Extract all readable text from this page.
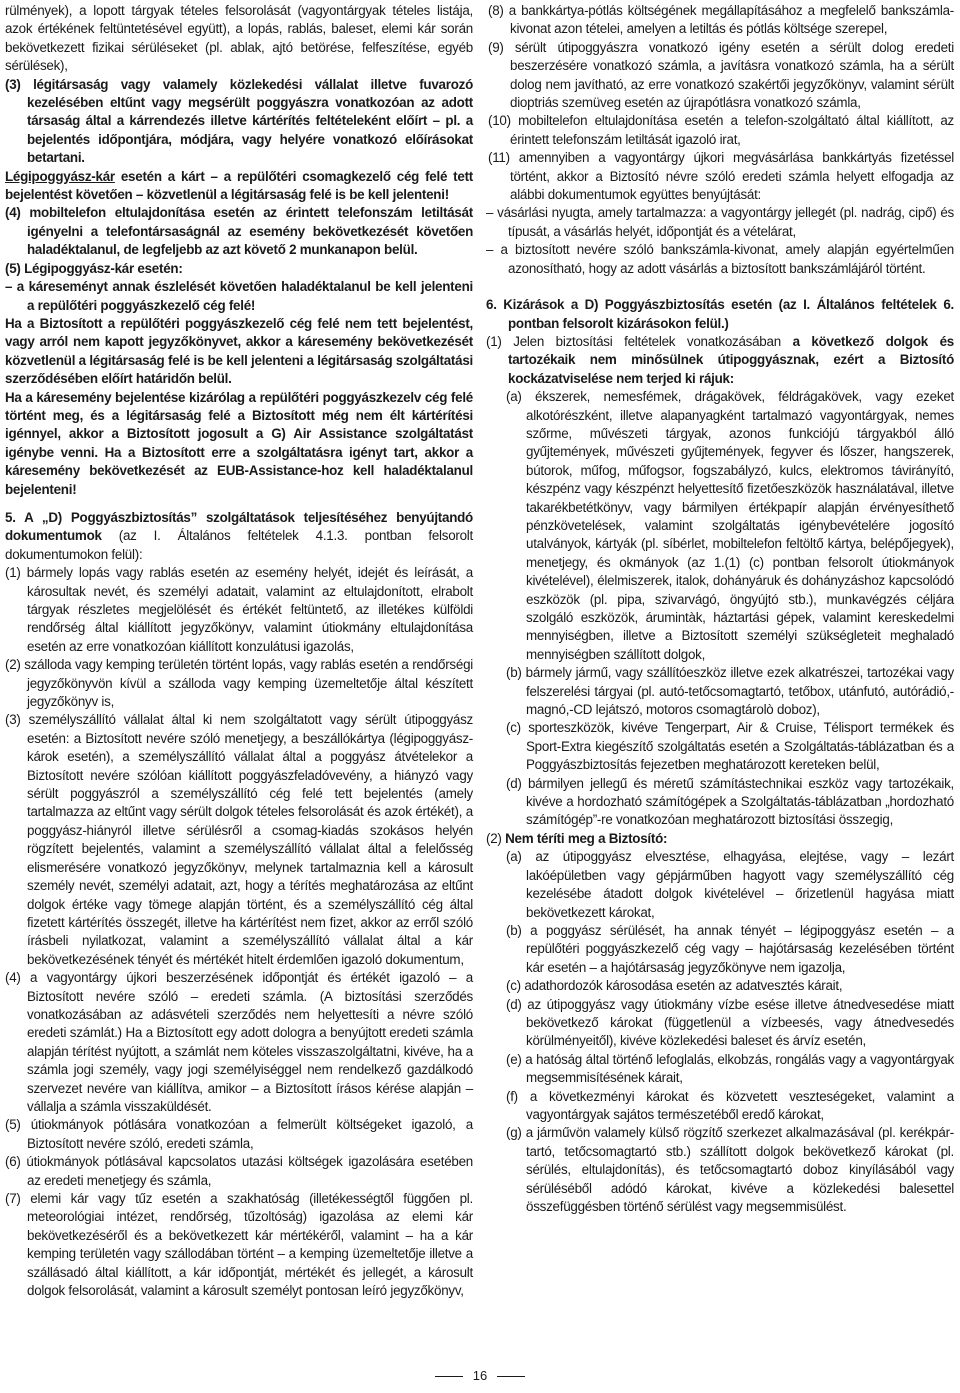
rülmények), a lopott tárgyak tételes felsorolását (vagyontárgyak tételes listája, azok értékének feltüntetésével együtt), a lopás, rablás, baleset, elemi kár során bekövetkezett fizikai sérüléseket (pl. ablak, ajtó betörése, felfeszítése, egyéb sérülések),

(3) légitársaság vagy valamely közlekedési vállalat illetve fuvarozó kezelésében eltűnt vagy megsérült poggyászra vonatkozóan az adott társaság által a kárrendezés illetve kártérítés feltételeként előírt – pl. a bejelentés időpontjára, módjára, vagy helyére vonatkozó előírásokat betartani.

Légipoggyász-kár esetén a kárt – a repülőtéri csomagkezelő cég felé tett bejelentést követően – közvetlenül a légitársaság felé is be kell jelenteni!

(4) mobiltelefon eltulajdonítása esetén az érintett telefonszám letiltását igényelni a telefontársaságnál az esemény bekövetkezését követően haladéktalanul, de legfeljebb az azt követő 2 munkanapon belül.

(5) Légipoggyász-kár esetén:

– a káreseményt annak észlelését követően haladéktalanul be kell jelenteni a repülőtéri poggyászkezelő cég felé!

Ha a Biztosított a repülőtéri poggyászkezelő cég felé nem tett bejelentést, vagy arról nem kapott jegyzőkönyvet, akkor a káresemény bekövetkezését közvetlenül a légitársaság felé is be kell jelenteni a légitársaság szolgáltatási szerződésében előírt határidőn belül.

Ha a káresemény bejelentése kizárólag a repülőtéri poggyászkezelv cég felé történt meg, és a légitársaság felé a Biztosított még nem élt kártérítési igénnyel, akkor a Biztosított jogosult a G) Air Assistance szolgáltatást igénybe venni. Ha a Biztosított erre a szolgáltatásra igényt tart, akkor a káresemény bekövetkezését az EUB-Assistance-hoz kell haladéktalanul bejelenteni!

5. A „D) Poggyászbiztosítás” szolgáltatások teljesítéséhez benyújtandó dokumentumok (az I. Általános feltételek 4.1.3. pontban felsorolt dokumentumokon felül):

(1) bármely lopás vagy rablás esetén az esemény helyét, idejét és leírását, a károsultak nevét, és személyi adatait, valamint az eltulajdonított, elrabolt tárgyak részletes megjelölését és értékét feltüntető, az illetékes külföldi rendőrség által kiállított jegyzőkönyv, valamint útiokmány eltulajdonítása esetén az erre vonatkozóan kiállított konzulátusi igazolás,

(2) szálloda vagy kemping területén történt lopás, vagy rablás esetén a rendőrségi jegyzőkönyvön kívül a szálloda vagy kemping üzemeltetője által készített jegyzőkönyv is,

(3) személyszállító vállalat által ki nem szolgáltatott vagy sérült útipoggyász esetén: a Biztosított nevére szóló menetjegy, a beszállókártya (légipoggyász-károk esetén), a személyszállító vállalat által a poggyász átvételekor a Biztosított nevére szólóan kiállított poggyászfeladóvevény, a hiányzó vagy sérült poggyászról a személyszállító cég felé tett bejelentés (amely tartalmazza az eltűnt vagy sérült dolgok tételes felsorolását és azok értékét), a poggyász-hiányról illetve sérülésről a csomag-kiadás szokásos helyén rögzített bejelentés, valamint a személyszállító vállalat által a felelősség elismerésére vonatkozó jegyzőkönyv, melynek tartalmaznia kell a károsult személy nevét, személyi adatait, azt, hogy a térítés meghatározása az eltűnt dolgok értéke vagy tömege alapján történt, és a személyszállító cég által fizetett kártérítés összegét, illetve ha kártérítést nem fizet, akkor az erről szóló írásbeli nyilatkozat, valamint a személyszállító vállalat által a kár bekövetkezésének tényét és mértékét hitelt érdemlően igazoló dokumentum,

(4) a vagyontárgy újkori beszerzésének időpontját és értékét igazoló – a Biztosított nevére szóló – eredeti számla. (A biztosítási szerződés vonatkozásában az adásvételi szerződés nem helyettesíti a névre szóló eredeti számlát.) Ha a Biztosított egy adott dologra a benyújtott eredeti számla alapján térítést nyújtott, a számlát nem köteles visszaszolgáltatni, kivéve, ha a számla jogi személy, vagy jogi személyiséggel nem rendelkező gazdálkodó szervezet nevére van kiállítva, amikor – a Biztosított írásos kérése alapján – vállalja a számla visszaküldését.

(5) útiokmányok pótlására vonatkozóan a felmerült költségeket igazoló, a Biztosított nevére szóló, eredeti számla,

(6) útiokmányok pótlásával kapcsolatos utazási költségek igazolására esetében az eredeti menetjegy és számla,

(7) elemi kár vagy tűz esetén a szakhatóság (illetékességtől függően pl. meteorológiai intézet, rendőrség, tűzoltóság) igazolása az elemi kár bekövetkezéséről és a bekövetkezett kár mértékéről, valamint – ha a kár kemping területén vagy szállodában történt – a kemping üzemeltetője illetve a szállásadó által kiállított, a kár időpontját, mértékét és jellegét, a károsult dolgok felsorolását, valamint a károsult személyt pontosan leíró jegyzőkönyv,

(8) a bankkártya-pótlás költségének megállapításához a megfelelő bankszámla-kivonat azon tételei, amelyen a letiltás és pótlás költsége szerepel,

(9) sérült útipoggyászra vonatkozó igény esetén a sérült dolog eredeti beszerzésére vonatkozó számla, a javításra vonatkozó számla, ha a sérült dolog nem javítható, az erre vonatkozó szakértői jegyzőkönyv, valamint sérült dioptriás szemüveg esetén az újrapótlásra vonatkozó számla,

(10) mobiltelefon eltulajdonítása esetén a telefon-szolgáltató által kiállított, az érintett telefonszám letiltását igazoló irat,

(11) amennyiben a vagyontárgy újkori megvásárlása bankkártyás fizetéssel történt, akkor a Biztosító névre szóló eredeti számla helyett elfogadja az alábbi dokumentumok együttes benyújtását:

– vásárlási nyugta, amely tartalmazza: a vagyontárgy jellegét (pl. nadrág, cipő) és típusát, a vásárlás helyét, időpontját és a vételárat,

– a biztosított nevére szóló bankszámla-kivonat, amely alapján egyértelműen azonosítható, hogy az adott vásárlás a biztosított bankszámlájáról történt.

6. Kizárások a D) Poggyászbiztosítás esetén (az I. Általános feltételek 6. pontban felsorolt kizárásokon felül.)

(1) Jelen biztosítási feltételek vonatkozásában a következő dolgok és tartozékaik nem minősülnek útipoggyásznak, ezért a Biztosító kockázatviselése nem terjed ki rájuk:

(a) ékszerek, nemesfémek, drágakövek, féldrágakövek, vagy ezeket alkotórészként, illetve alapanyagként tartalmazó vagyontárgyak, nemes szőrme, művészeti tárgyak, azonos funkciójú tárgyakból álló gyűjtemények, művészeti gyűjtemények, fegyver és lőszer, hangszerek, bútorok, műfog, műfogsor, fogszabályzó, kulcs, elektromos távirányító, készpénz vagy készpénzt helyettesítő fizetőeszközök használatával, illetve takarékbetétkönyv, vagy bármilyen értékpapír alapján érvényesíthető pénzkövetelések, valamint szolgáltatás igénybevételére jogosító utalványok, kártyák (pl. síbérlet, mobiltelefon feltöltő kártya, belépőjegyek), menetjegy, és okmányok (az 1.(1) (c) pontban felsorolt útiokmányok kivételével), élelmiszerek, italok, dohányáruk és dohányzáshoz kapcsolódó eszközök (pl. pipa, szivarvágó, öngyújtó stb.), munkavégzés céljára szolgáló eszközök, árumintàk, háztartási gépek, valamint kereskedelmi mennyiségben, illetve a Biztosított személyi szükségleteit meghaladó mennyiségben szállított dolgok,

(b) bármely jármű, vagy szállítóeszköz illetve ezek alkatrészei, tartozékai vagy felszerelési tárgyai (pl. autó-tetőcsomagtartó, tetőbox, utánfutó, autórádió,-magnó,-CD lejátszó, motoros csomagtárolò doboz),

(c) sporteszközök, kivéve Tengerpart, Air & Cruise, Télisport termékek és Sport-Extra kiegészítő szolgáltatás esetén a Szolgáltatás-táblázatban és a Poggyászbiztosítás fejezetben meghatározott kereteken belül,

(d) bármilyen jellegű és méretű számítástechnikai eszköz vagy tartozékaik, kivéve a hordozható számítógépek a Szolgáltatás-táblázatban „hordozható számítógép”-re vonatkozóan meghatározott biztosítási összegig,

(2) Nem téríti meg a Biztosító:

(a) az útipoggyász elvesztése, elhagyása, elejtése, vagy – lezárt lakóépületben vagy gépjárműben hagyott vagy személyszállító cég kezelésébe átadott dolgok kivételével – őrizetlenül hagyása miatt bekövetkezett károkat,

(b) a poggyász sérülését, ha annak tényét – légipoggyász esetén – a repülőtéri poggyászkezelő cég vagy – hajótársaság kezelésében történt kár esetén – a hajótársaság jegyzőkönyve nem igazolja,

(c) adathordozók károsodása esetén az adatvesztés kárait,

(d) az útipoggyász vagy útiokmány vízbe esése illetve átnedvesedése miatt bekövetkező károkat (függetlenül a vízbeesés, vagy átnedvesedés körülményeitől), kivéve közlekedési baleset és árvíz esetén,

(e) a hatóság által történő lefoglalás, elkobzás, rongálás vagy a vagyontárgyak megsemmisítésének kárait,

(f) a következményi károkat és közvetett veszteségeket, valamint a vagyontárgyak sajátos természetéből eredő károkat,

(g) a járművön valamely külső rögzítő szerkezet alkalmazásával (pl. kerékpár-tartó, tetőcsomagtartó stb.) szállított dolgok bekövetkező károkat (pl. sérülés, eltulajdonítás), és tetőcsomagtartó doboz kinyílásából vagy sérüléséből adódó károkat, kivéve a közlekedési balesettel összefüggésben történő sérülést vagy megsemmisülést.

16
